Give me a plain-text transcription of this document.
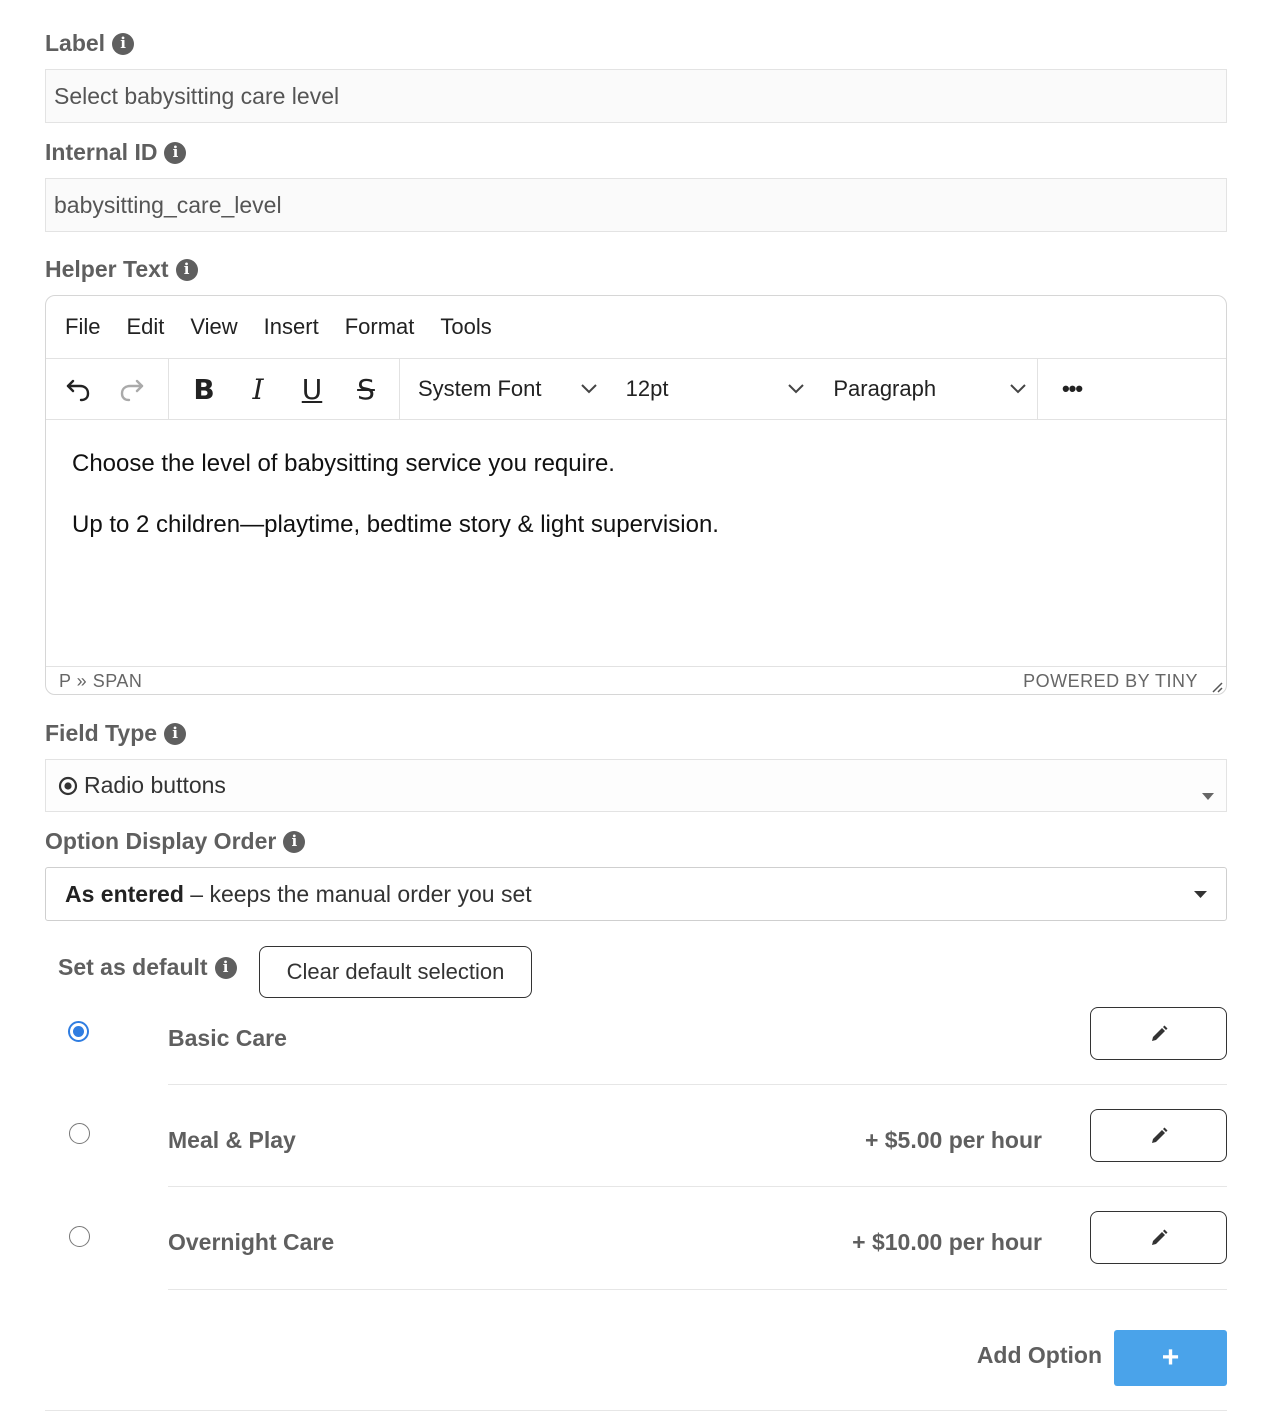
Label	i
Select babysitting care level
Internal ID	i
babysitting_care_level
Helper Text	i
File Edit View Insert Format Tools
B I U S System Font	12pt	Paragraph	•••

Choose the level of babysitting service you require.

Up to 2 children—playtime, bedtime story & light supervision.

P » SPAN	POWERED BY TINY
Field Type	i
Radio buttons
Option Display Order	i
As entered – keeps the manual order you set
Set as default	i	Clear default selection
Basic Care
Meal & Play	+ $5.00 per hour
Overnight Care	+ $10.00 per hour
Add Option +
